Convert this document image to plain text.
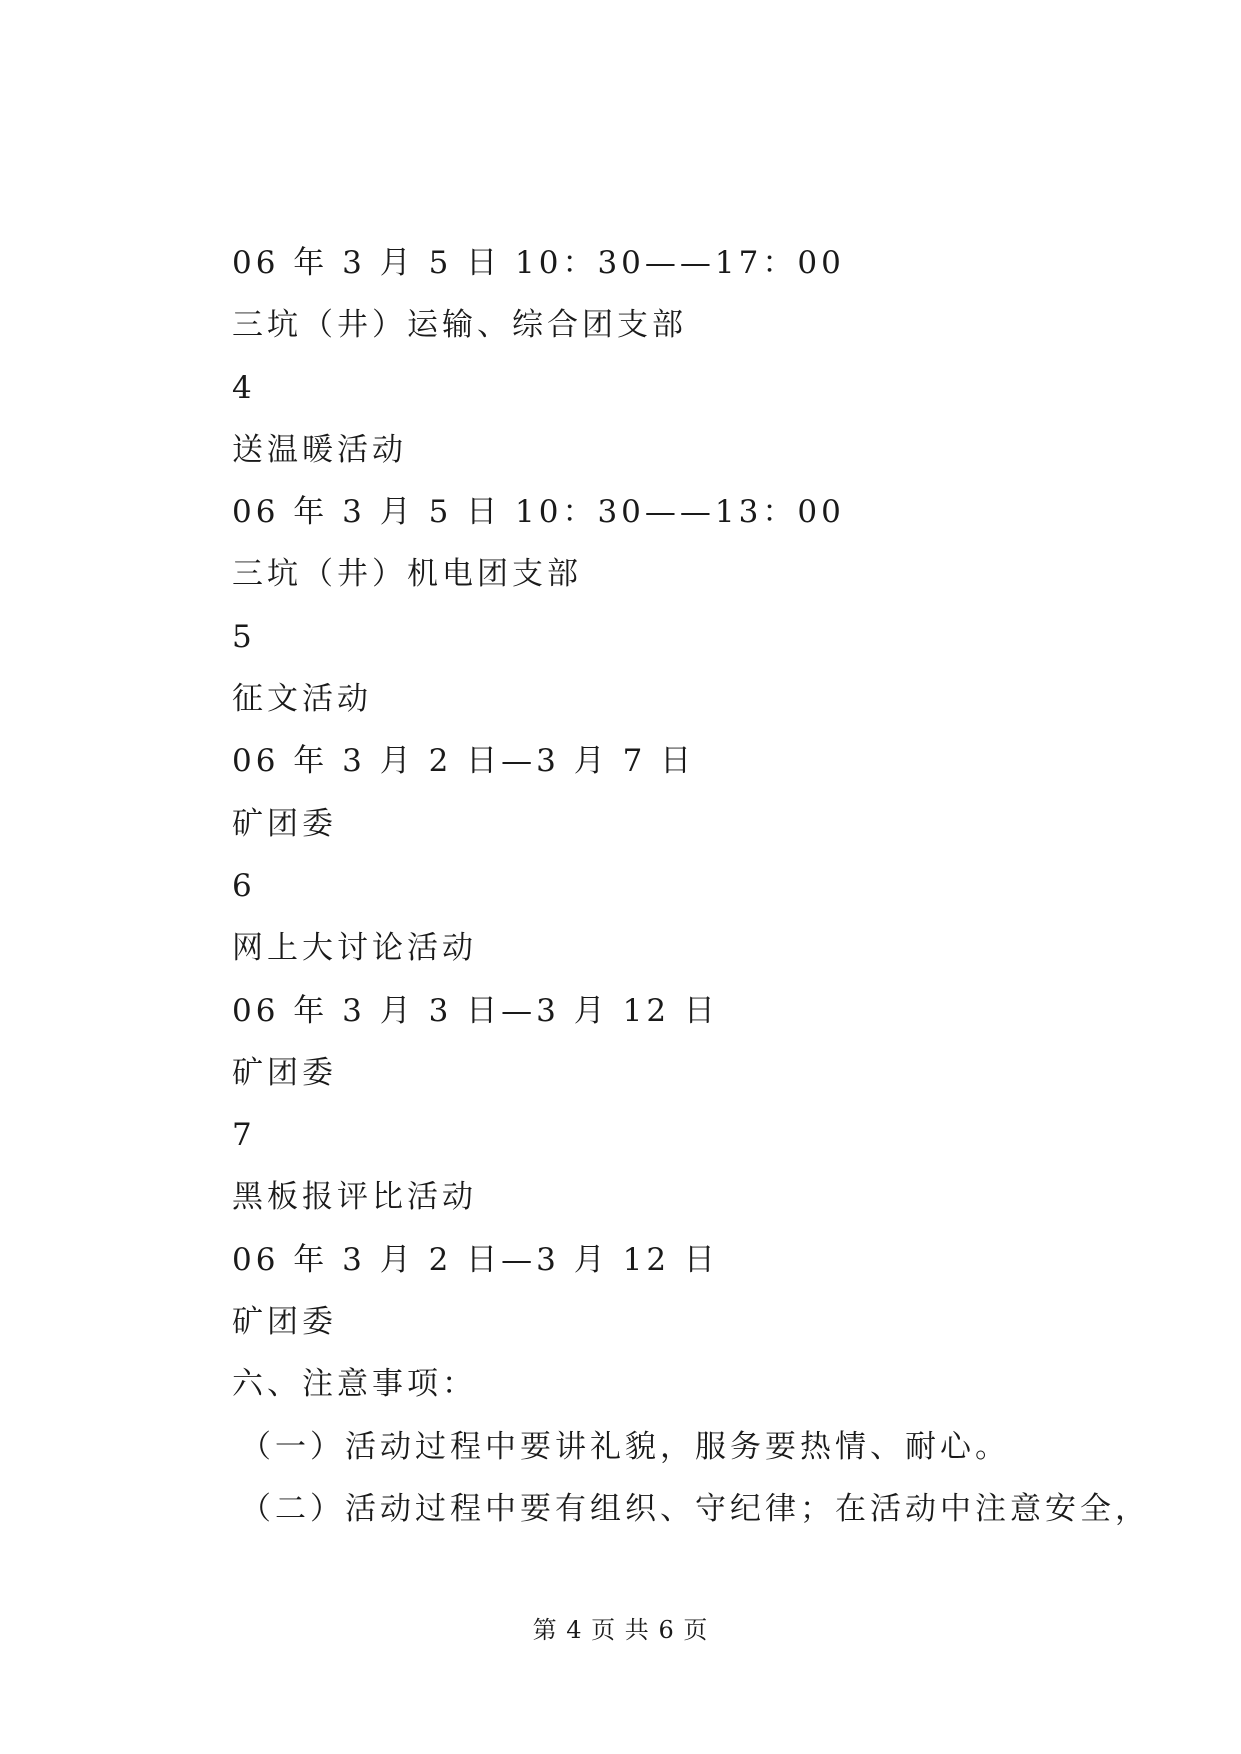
06 年 3 月 5 日 10：30——17：00
三坑（井）运输、综合团支部
4
送温暖活动
06 年 3 月 5 日 10：30——13：00
三坑（井）机电团支部
5
征文活动
06 年 3 月 2 日—3 月 7 日
矿团委
6
网上大讨论活动
06 年 3 月 3 日—3 月 12 日
矿团委
7
黑板报评比活动
06 年 3 月 2 日—3 月 12 日
矿团委
六、注意事项：
（一）活动过程中要讲礼貌，服务要热情、耐心。
（二）活动过程中要有组织、守纪律；在活动中注意安全，
第 4 页 共 6 页
